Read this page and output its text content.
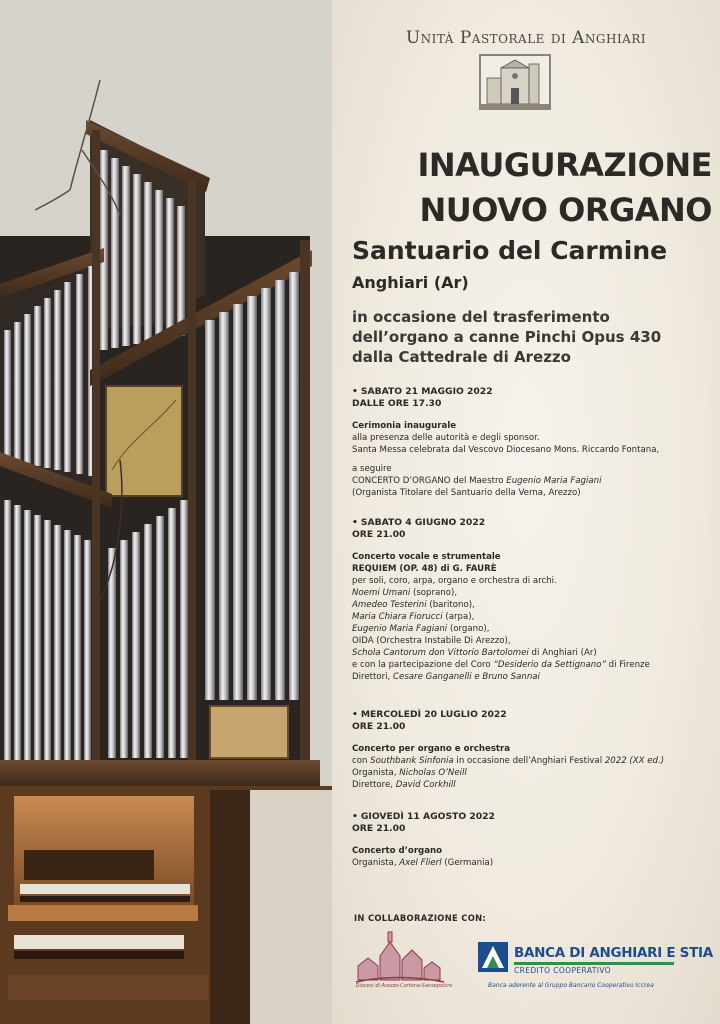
Unità Pastorale di Anghiari
INAUGURAZIONE
NUOVO ORGANO
Santuario del Carmine
Anghiari (Ar)
in occasione del trasferimento
dell’organo a canne Pinchi Opus 430
dalla Cattedrale di Arezzo
• SABATO 21 MAGGIO 2022
DALLE ORE 17.30
Cerimonia inaugurale
alla presenza delle autorità e degli sponsor.
Santa Messa celebrata dal Vescovo Diocesano Mons. Riccardo Fontana,
a seguire
CONCERTO D’ORGANO del Maestro Eugenio Maria Fagiani
(Organista Titolare del Santuario della Verna, Arezzo)
• SABATO 4 GIUGNO 2022
ORE 21.00
Concerto vocale e strumentale
REQUIEM (OP. 48) di G. FAURÈ
per soli, coro, arpa, organo e orchestra di archi.
Noemi Umani (soprano),
Amedeo Testerini (baritono),
Maria Chiara Fiorucci (arpa),
Eugenio Maria Fagiani (organo),
OIDA (Orchestra Instabile Di Arezzo),
Schola Cantorum don Vittorio Bartolomei di Anghiari (Ar)
e con la partecipazione del Coro “Desiderio da Settignano” di Firenze
Direttori, Cesare Ganganelli e Bruno Sannai
• MERCOLEDÌ 20 LUGLIO 2022
ORE 21.00
Concerto per organo e orchestra
con Southbank Sinfonia in occasione dell’Anghiari Festival 2022 (XX ed.)
Organista, Nicholas O’Neill
Direttore, David Corkhill
• GIOVEDÌ 11 AGOSTO 2022
ORE 21.00
Concerto d’organo
Organista, Axel Flierl (Germania)
IN COLLABORAZIONE CON:
Diocesi di Arezzo-Cortona-Sansepolcro
BANCA DI ANGHIARI E STIA
CREDITO COOPERATIVO
Banca aderente al Gruppo Bancario Cooperativo Iccrea
